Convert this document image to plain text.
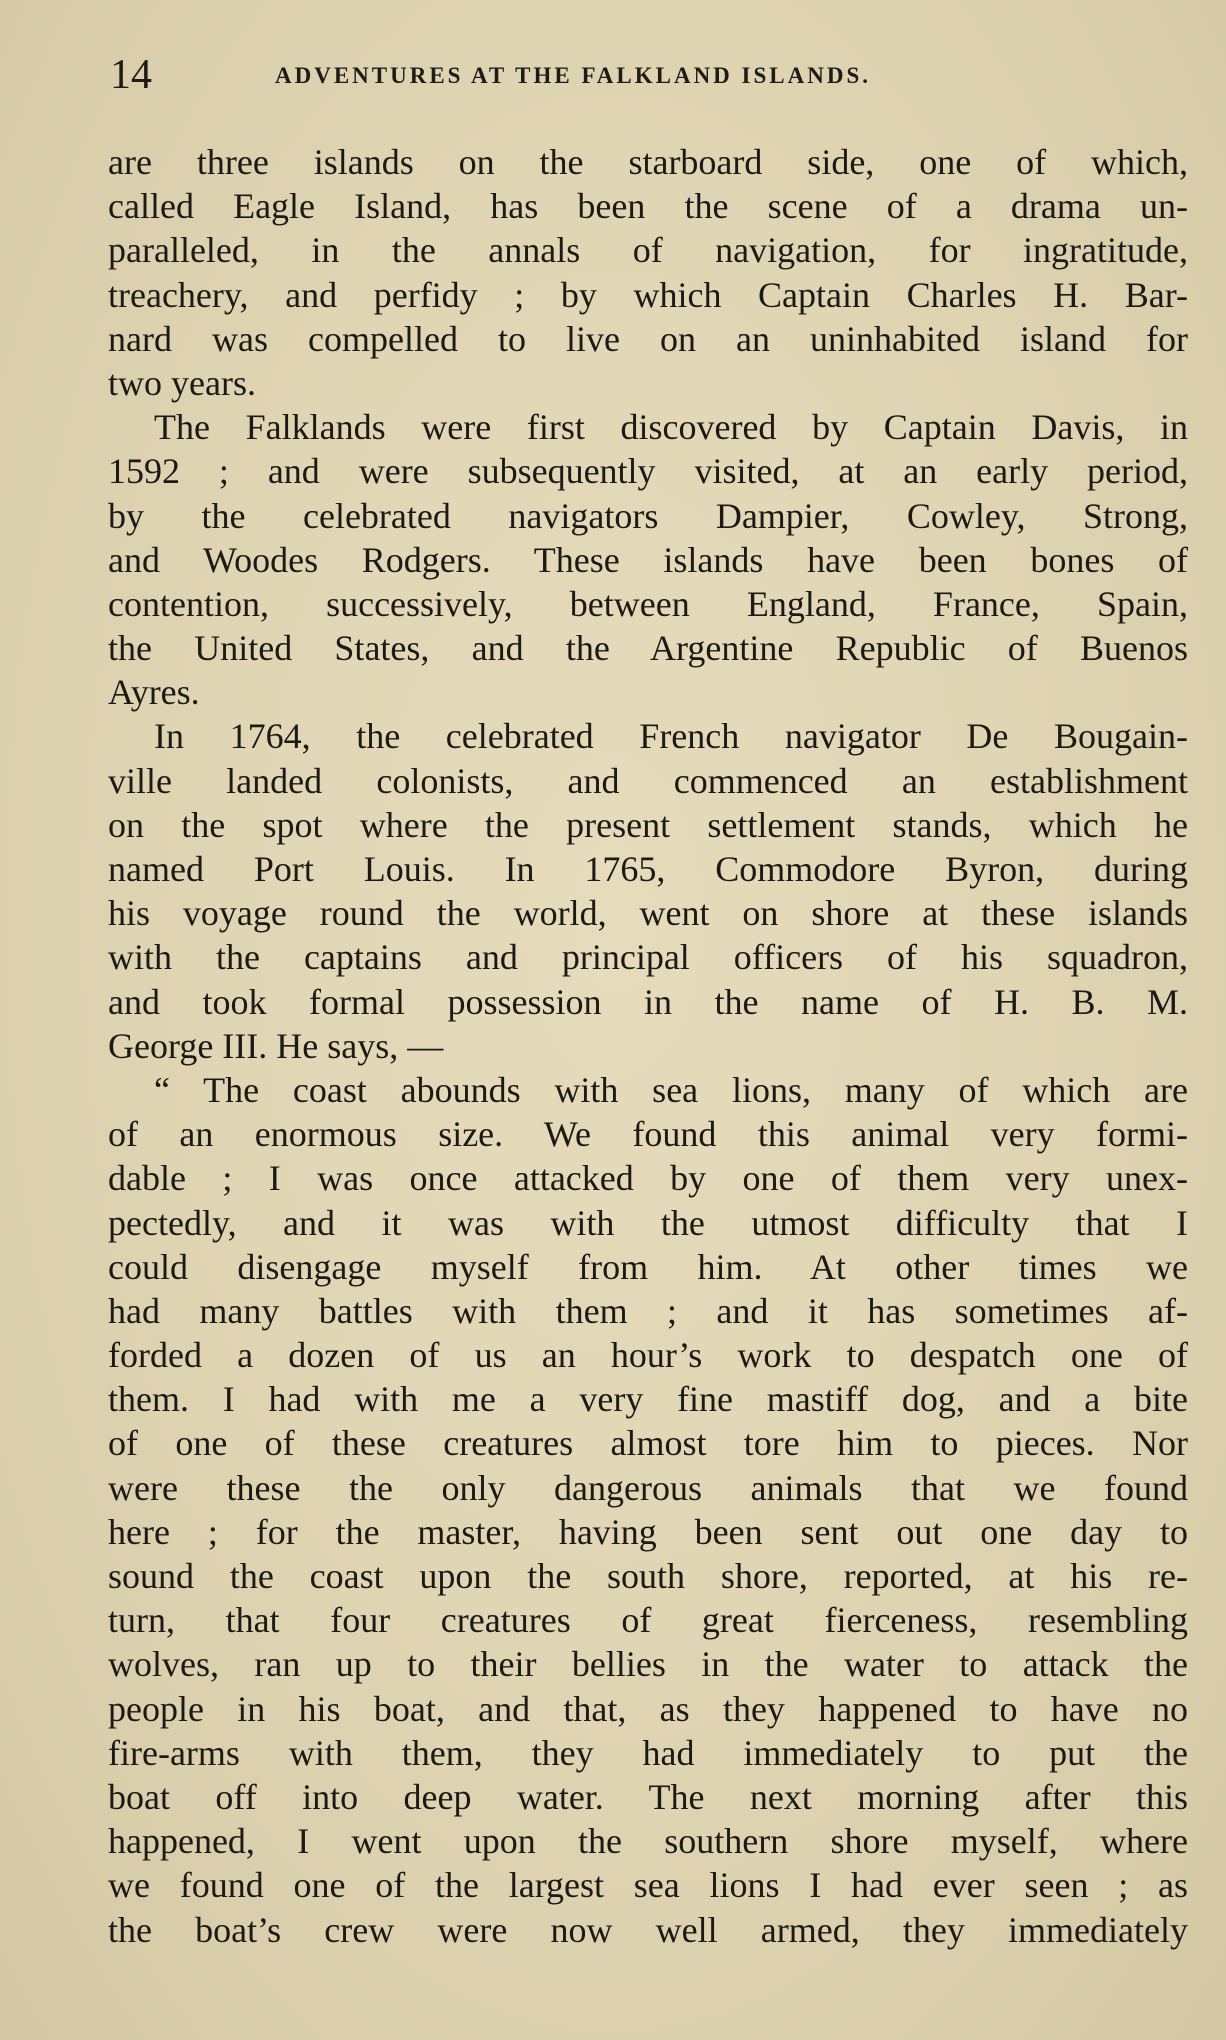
14	ADVENTURES AT THE FALKLAND ISLANDS.
are three islands on the starboard side, one of which,
called Eagle Island, has been the scene of a drama un-
paralleled, in the annals of navigation, for ingratitude,
treachery, and perfidy ; by which Captain Charles H. Bar-
nard was compelled to live on an uninhabited island for
two years.
The Falklands were first discovered by Captain Davis, in
1592 ; and were subsequently visited, at an early period,
by the celebrated navigators Dampier, Cowley, Strong,
and Woodes Rodgers. These islands have been bones of
contention, successively, between England, France, Spain,
the United States, and the Argentine Republic of Buenos
Ayres.
In 1764, the celebrated French navigator De Bougain-
ville landed colonists, and commenced an establishment
on the spot where the present settlement stands, which he
named Port Louis. In 1765, Commodore Byron, during
his voyage round the world, went on shore at these islands
with the captains and principal officers of his squadron,
and took formal possession in the name of H. B. M.
George III. He says, —
“ The coast abounds with sea lions, many of which are
of an enormous size. We found this animal very formi-
dable ; I was once attacked by one of them very unex-
pectedly, and it was with the utmost difficulty that I
could disengage myself from him. At other times we
had many battles with them ; and it has sometimes af-
forded a dozen of us an hour’s work to despatch one of
them. I had with me a very fine mastiff dog, and a bite
of one of these creatures almost tore him to pieces. Nor
were these the only dangerous animals that we found
here ; for the master, having been sent out one day to
sound the coast upon the south shore, reported, at his re-
turn, that four creatures of great fierceness, resembling
wolves, ran up to their bellies in the water to attack the
people in his boat, and that, as they happened to have no
fire-arms with them, they had immediately to put the
boat off into deep water. The next morning after this
happened, I went upon the southern shore myself, where
we found one of the largest sea lions I had ever seen ; as
the boat’s crew were now well armed, they immediately
